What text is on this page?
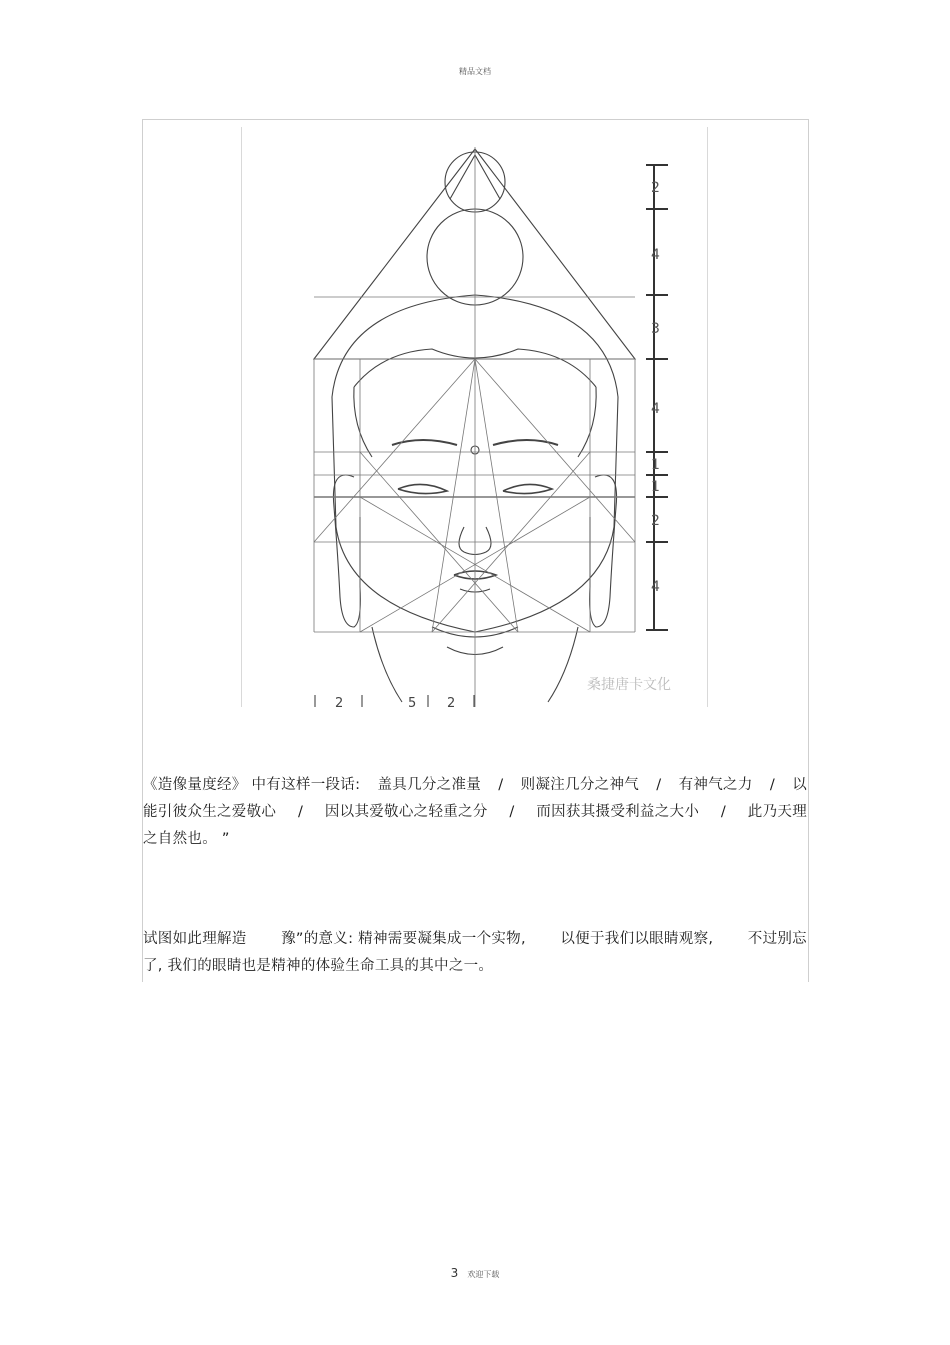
精品文档
2
4
3
4
1
1
2
4
2	5 2
桑捷唐卡文化
《造像量度经》 中有这样一段话: 盖具几分之准量 / 则凝注几分之神气 / 有神气之力 / 以
能引彼众生之爱敬心 / 因以其爱敬心之轻重之分 / 而因获其摄受利益之大小 / 此乃天理
之自然也。 ”
试图如此理解造 豫”的意义: 精神需要凝集成一个实物, 以便于我们以眼睛观察, 不过别忘
了, 我们的眼睛也是精神的体验生命工具的其中之一。
3 欢迎下载
